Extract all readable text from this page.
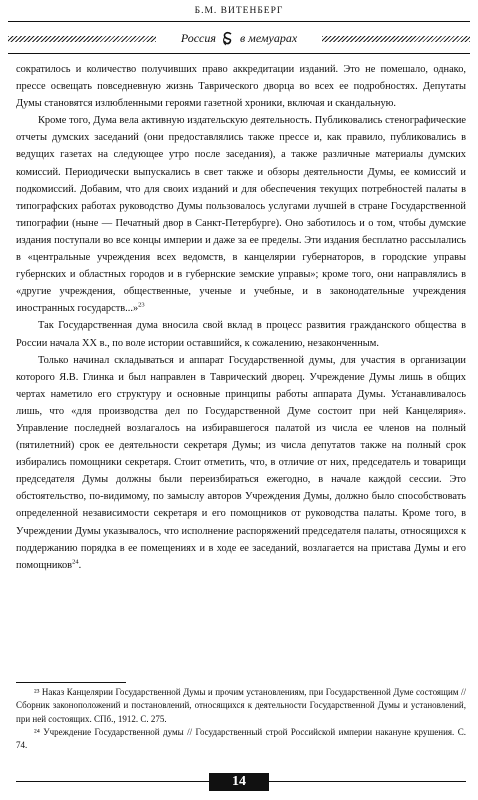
Б.М. ВИТЕНБЕРГ
Россия в мемуарах

сократилось и количество получивших право аккредитации изданий. Это не помешало, однако, прессе освещать повседневную жизнь Таврического дворца во всех ее подробностях. Депутаты Думы становятся излюбленными героями газетной хроники, включая и скандальную.

Кроме того, Дума вела активную издательскую деятельность. Публиковались стенографические отчеты думских заседаний (они предоставлялись также прессе и, как правило, публиковались в ведущих газетах на следующее утро после заседания), а также различные материалы думских комиссий. Периодически выпускались в свет также и обзоры деятельности Думы, ее комиссий и подкомиссий. Добавим, что для своих изданий и для обеспечения текущих потребностей палаты в типографских работах руководство Думы пользовалось услугами лучшей в стране Государственной типографии (ныне — Печатный двор в Санкт-Петербурге). Оно заботилось и о том, чтобы думские издания поступали во все концы империи и даже за ее пределы. Эти издания бесплатно рассылались в «центральные учреждения всех ведомств, в канцелярии губернаторов, в городские управы губернских и областных городов и в губернские земские управы»; кроме того, они направлялись в «другие учреждения, общественные, ученые и учебные, и в законодательные учреждения иностранных государств...»$^{23}$

Так Государственная дума вносила свой вклад в процесс развития гражданского общества в России начала XX в., по воле истории оставшийся, к сожалению, незаконченным.

Только начинал складываться и аппарат Государственной думы, для участия в организации которого Я.В. Глинка и был направлен в Таврический дворец. Учреждение Думы лишь в общих чертах наметило его структуру и основные принципы работы аппарата Думы. Устанавливалось лишь, что «для производства дел по Государственной Думе состоит при ней Канцелярия». Управление последней возлагалось на избиравшегося палатой из числа ее членов на полный (пятилетний) срок ее деятельности секретаря Думы; из числа депутатов также на полный срок избирались помощники секретаря. Стоит отметить, что, в отличие от них, председатель и товарищи председателя Думы должны были переизбираться ежегодно, в начале каждой сессии. Это обстоятельство, по-видимому, по замыслу авторов Учреждения Думы, должно было способствовать определенной независимости секретаря и его помощников от руководства палаты. Кроме того, в Учреждении Думы указывалось, что исполнение распоряжений председателя палаты, относящихся к поддержанию порядка в ее помещениях и в ходе ее заседаний, возлагается на пристава Думы и его помощников$^{24}$.

²³ Наказ Канцелярии Государственной Думы и прочим установлениям, при Государственной Думе состоящим // Сборник законоположений и постановлений, относящихся к деятельности Государственной Думы и установлений, при ней состоящих. СПб., 1912. С. 275.

²⁴ Учреждение Государственной думы // Государственный строй Российской империи накануне крушения. С. 74.

14
